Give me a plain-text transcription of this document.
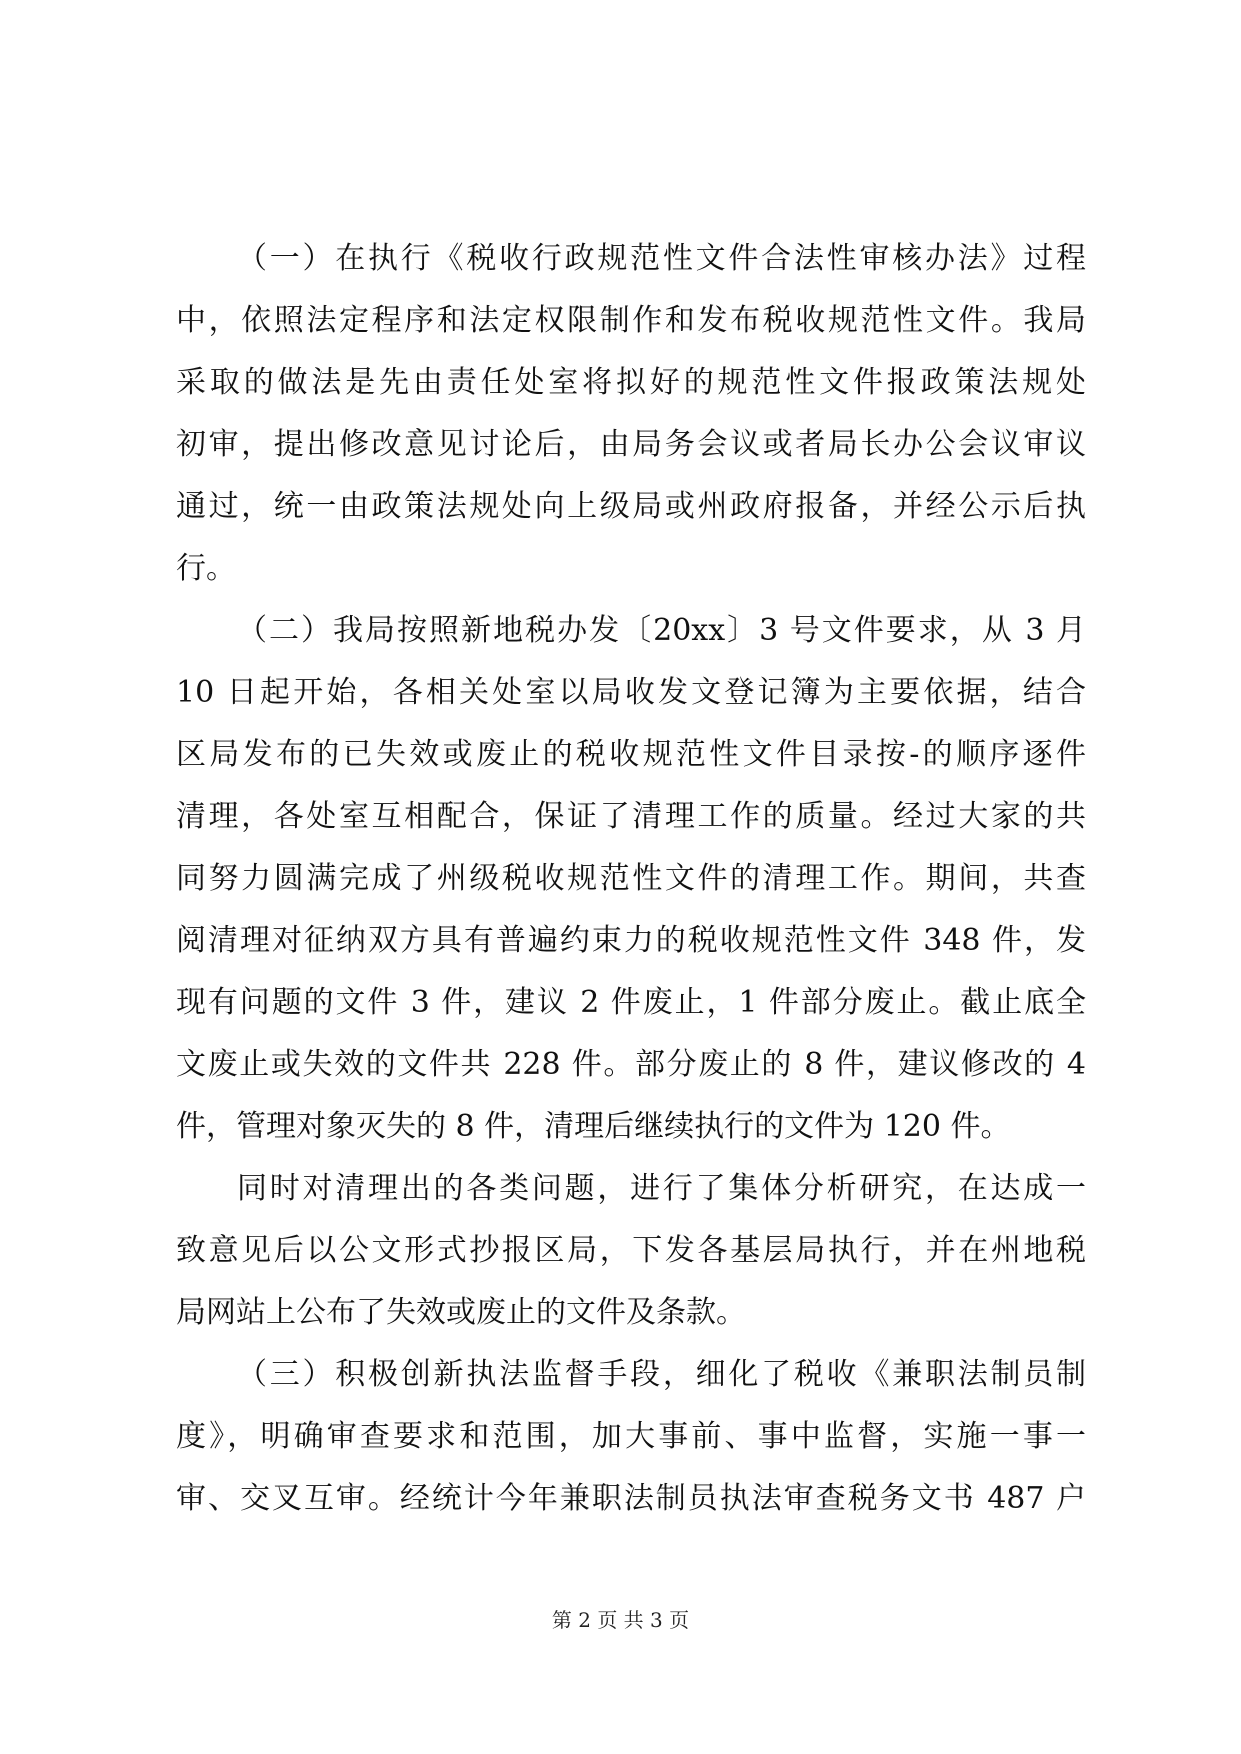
（一）在执行《税收行政规范性文件合法性审核办法》过程
中，依照法定程序和法定权限制作和发布税收规范性文件。我局
采取的做法是先由责任处室将拟好的规范性文件报政策法规处
初审，提出修改意见讨论后，由局务会议或者局长办公会议审议
通过，统一由政策法规处向上级局或州政府报备，并经公示后执
行。
（二）我局按照新地税办发〔20xx〕3 号文件要求，从 3 月
10 日起开始，各相关处室以局收发文登记簿为主要依据，结合
区局发布的已失效或废止的税收规范性文件目录按-的顺序逐件
清理，各处室互相配合，保证了清理工作的质量。经过大家的共
同努力圆满完成了州级税收规范性文件的清理工作。期间，共查
阅清理对征纳双方具有普遍约束力的税收规范性文件 348 件，发
现有问题的文件 3 件，建议 2 件废止，1 件部分废止。截止底全
文废止或失效的文件共 228 件。部分废止的 8 件，建议修改的 4
件，管理对象灭失的 8 件，清理后继续执行的文件为 120 件。
同时对清理出的各类问题，进行了集体分析研究，在达成一
致意见后以公文形式抄报区局，下发各基层局执行，并在州地税
局网站上公布了失效或废止的文件及条款。
（三）积极创新执法监督手段，细化了税收《兼职法制员制
度》，明确审查要求和范围，加大事前、事中监督，实施一事一
审、交叉互审。经统计今年兼职法制员执法审查税务文书 487 户
第 2 页 共 3 页
